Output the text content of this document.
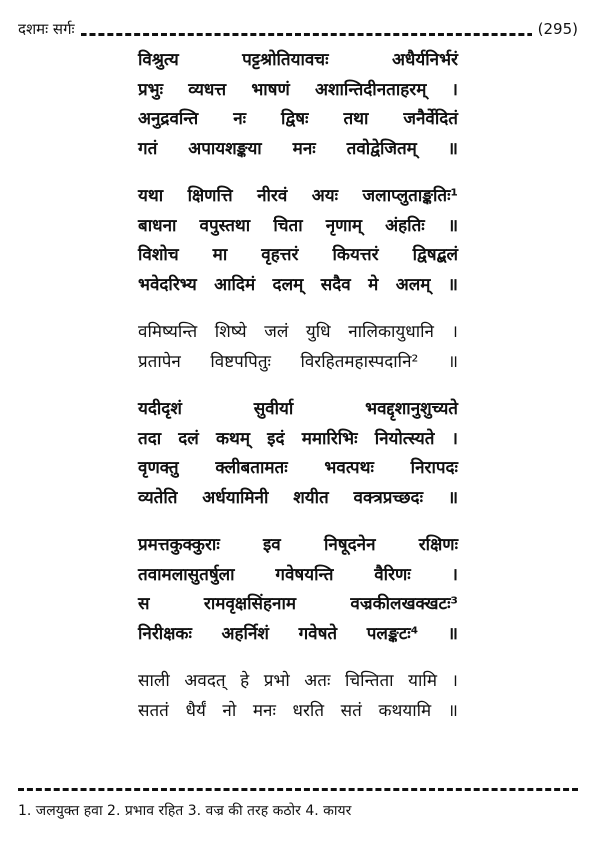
दशमः सर्गः	(295)
विश्रुत्य पट्टश्रोतियावचः अधैर्यनिर्भरं
प्रभुः व्यधत्त भाषणं अशान्तिदीनताहरम् ।
अनुद्रवन्ति नः द्विषः तथा जनैर्वेदितं
गतं अपायशङ्कया मनः तवोद्वेजितम् ॥
यथा क्षिणत्ति नीरवं अयः जलाप्लुताङ्कतिः¹
बाधना वपुस्तथा चिता नृणाम् अंहतिः ॥
विशोच मा वृहत्तरं कियत्तरं द्विषद्बलं
भवेदरिभ्य आदिमं दलम् सदैव मे अलम् ॥
वमिष्यन्ति शिष्ये जलं युधि नालिकायुधानि ।
प्रतापेन विष्टपपितुः विरहितमहास्पदानि² ॥
यदीदृशं सुवीर्या भवद्दृशानुशुच्यते
तदा दलं कथम् इदं ममारिभिः नियोत्स्यते ।
वृणक्तु क्लीबतामतः भवत्पथः निरापदः
व्यतेति अर्धयामिनी शयीत वक्त्रप्रच्छदः ॥
प्रमत्तकुक्कुराः इव निषूदनेन रक्षिणः
तवामलासुतर्षुला गवेषयन्ति वैरिणः ।
स रामवृक्षसिंहनाम वज्रकीलखक्खटः³
निरीक्षकः अहर्निशं गवेषते पलङ्कटः⁴ ॥
साली अवदत् हे प्रभो अतः चिन्तिता यामि ।
सततं धैर्यं नो मनः धरति सतं कथयामि ॥
1. जलयुक्त हवा 2. प्रभाव रहित 3. वज्र की तरह कठोर 4. कायर
